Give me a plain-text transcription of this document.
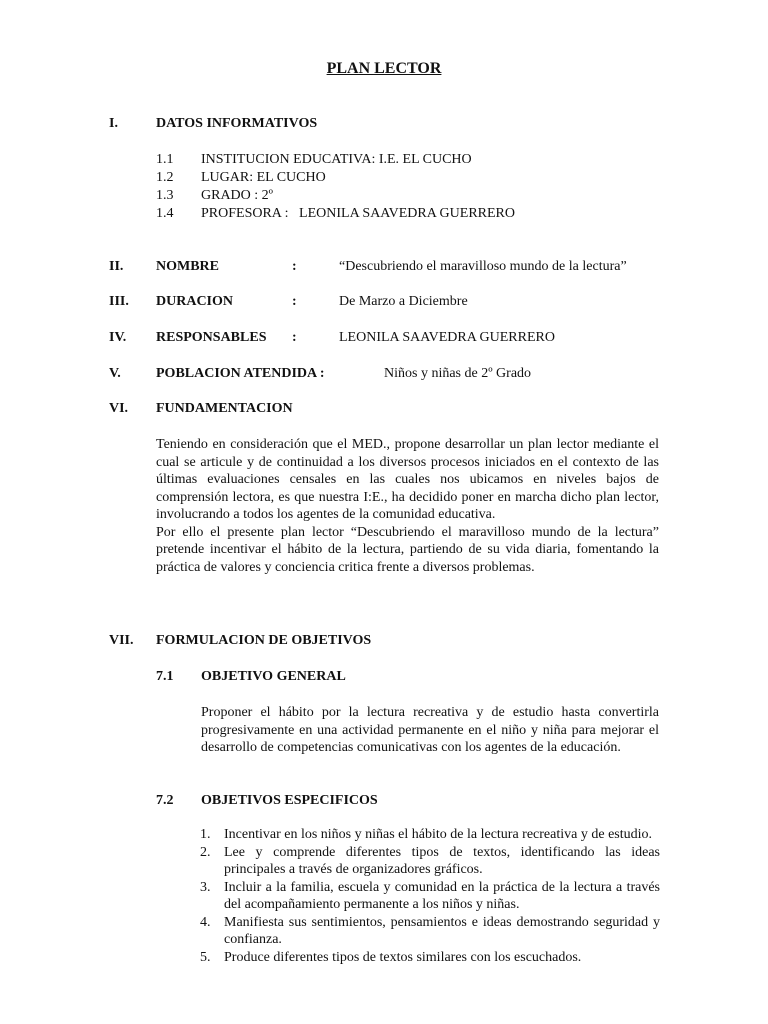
PLAN LECTOR
I.	DATOS INFORMATIVOS
1.1 INSTITUCION EDUCATIVA: I.E. EL CUCHO
1.2 LUGAR: EL CUCHO
1.3 GRADO : 2º
1.4 PROFESORA :   LEONILA SAAVEDRA GUERRERO
II. NOMBRE	:	“Descubriendo el maravilloso mundo de la lectura”
III. DURACION	:	De Marzo a Diciembre
IV. RESPONSABLES :	LEONILA SAAVEDRA GUERRERO
V.	POBLACION ATENDIDA :	Niños y niñas de 2º Grado
VI. FUNDAMENTACION

Teniendo en consideración que el MED., propone desarrollar un plan lector mediante el cual se articule y de continuidad a los diversos procesos iniciados en el contexto de las últimas evaluaciones censales en las cuales nos ubicamos en niveles bajos de comprensión lectora, es que nuestra I:E., ha decidido poner en marcha dicho plan lector, involucrando a todos los agentes de la comunidad educativa.

Por ello el presente plan lector “Descubriendo el maravilloso mundo de la lectura” pretende incentivar el hábito de la lectura, partiendo de su vida diaria, fomentando la práctica de valores y conciencia critica frente a diversos problemas.

VII. FORMULACION DE OBJETIVOS
7.1 OBJETIVO GENERAL

Proponer el hábito por la lectura recreativa y de estudio hasta convertirla progresivamente en una actividad permanente en el niño y niña para mejorar el desarrollo de competencias comunicativas con los agentes de la educación.

7.2 OBJETIVOS ESPECIFICOS
1. Incentivar en los niños y niñas el hábito de la lectura recreativa y de estudio.
2. Lee y comprende diferentes tipos de textos, identificando las ideas principales a través de organizadores gráficos.
3. Incluir a la familia, escuela y comunidad en la práctica de la lectura a través del acompañamiento permanente a los niños y niñas.
4. Manifiesta sus sentimientos, pensamientos e ideas demostrando seguridad y confianza.
5. Produce diferentes tipos de textos similares con los escuchados.
